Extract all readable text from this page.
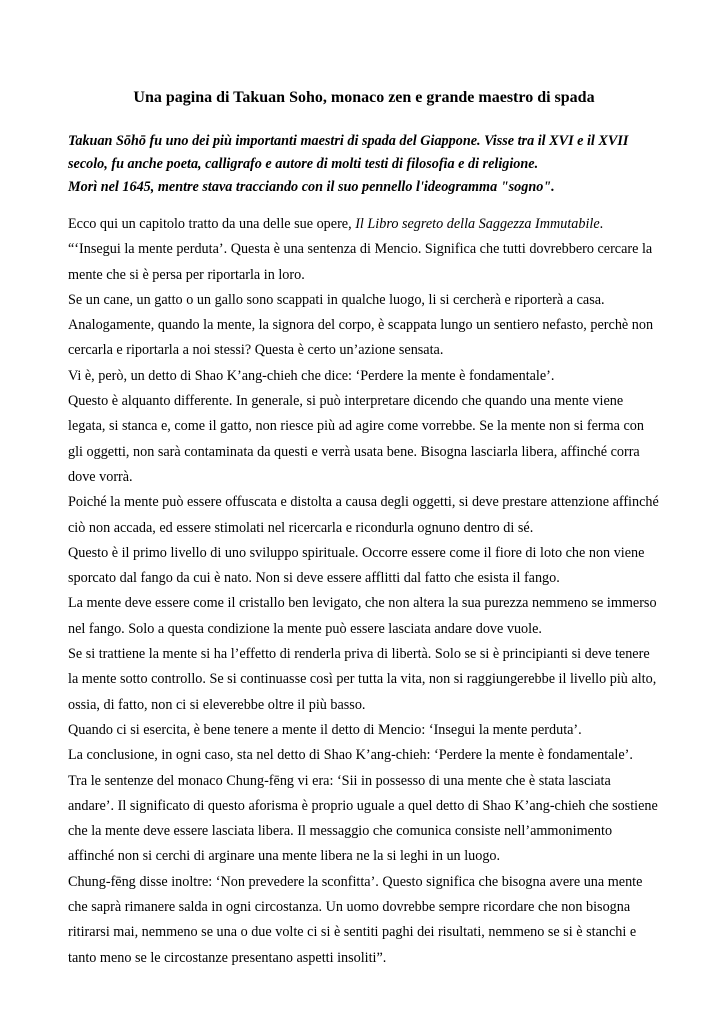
Una pagina di Takuan Soho, monaco zen e grande maestro di spada
Takuan Sōhō fu uno dei più importanti maestri di spada del Giappone. Visse tra il XVI e il XVII
secolo, fu anche poeta, calligrafo e autore di molti testi di filosofia e di religione.
Morì nel 1645, mentre stava tracciando con il suo pennello l'ideogramma "sogno".

Ecco qui un capitolo tratto da una delle sue opere, Il Libro segreto della Saggezza Immutabile.

“‘Insegui la mente perduta’. Questa è una sentenza di Mencio. Significa che tutti dovrebbero cercare la mente che si è persa per riportarla in loro.

Se un cane, un gatto o un gallo sono scappati in qualche luogo, li si cercherà e riporterà a casa. Analogamente, quando la mente, la signora del corpo, è scappata lungo un sentiero nefasto, perchè non cercarla e riportarla a noi stessi? Questa è certo un’azione sensata.

Vi è, però, un detto di Shao K’ang-chieh che dice: ‘Perdere la mente è fondamentale’.

Questo è alquanto differente. In generale, si può interpretare dicendo che quando una mente viene legata, si stanca e, come il gatto, non riesce più ad agire come vorrebbe. Se la mente non si ferma con gli oggetti, non sarà contaminata da questi e verrà usata bene. Bisogna lasciarla libera, affinché corra dove vorrà.

Poiché la mente può essere offuscata e distolta a causa degli oggetti, si deve prestare attenzione affinché ciò non accada, ed essere stimolati nel ricercarla e ricondurla ognuno dentro di sé.

Questo è il primo livello di uno sviluppo spirituale. Occorre essere come il fiore di loto che non viene sporcato dal fango da cui è nato. Non si deve essere afflitti dal fatto che esista il fango.

La mente deve essere come il cristallo ben levigato, che non altera la sua purezza nemmeno se immerso nel fango. Solo a questa condizione la mente può essere lasciata andare dove vuole.

Se si trattiene la mente si ha l’effetto di renderla priva di libertà. Solo se si è principianti si deve tenere la mente sotto controllo. Se si continuasse così per tutta la vita, non si raggiungerebbe il livello più alto, ossia, di fatto, non ci si eleverebbe oltre il più basso.

Quando ci si esercita, è bene tenere a mente il detto di Mencio: ‘Insegui la mente perduta’.

La conclusione, in ogni caso, sta nel detto di Shao K’ang-chieh: ‘Perdere la mente è fondamentale’.

Tra le sentenze del monaco Chung-fēng vi era: ‘Sii in possesso di una mente che è stata lasciata andare’. Il significato di questo aforisma è proprio uguale a quel detto di Shao K’ang-chieh che sostiene che la mente deve essere lasciata libera. Il messaggio che comunica consiste nell’ammonimento affinché non si cerchi di arginare una mente libera ne la si leghi in un luogo.

Chung-fēng disse inoltre: ‘Non prevedere la sconfitta’. Questo significa che bisogna avere una mente che saprà rimanere salda in ogni circostanza. Un uomo dovrebbe sempre ricordare che non bisogna ritirarsi mai, nemmeno se una o due volte ci si è sentiti paghi dei risultati, nemmeno se si è stanchi e tanto meno se le circostanze presentano aspetti insoliti”.
